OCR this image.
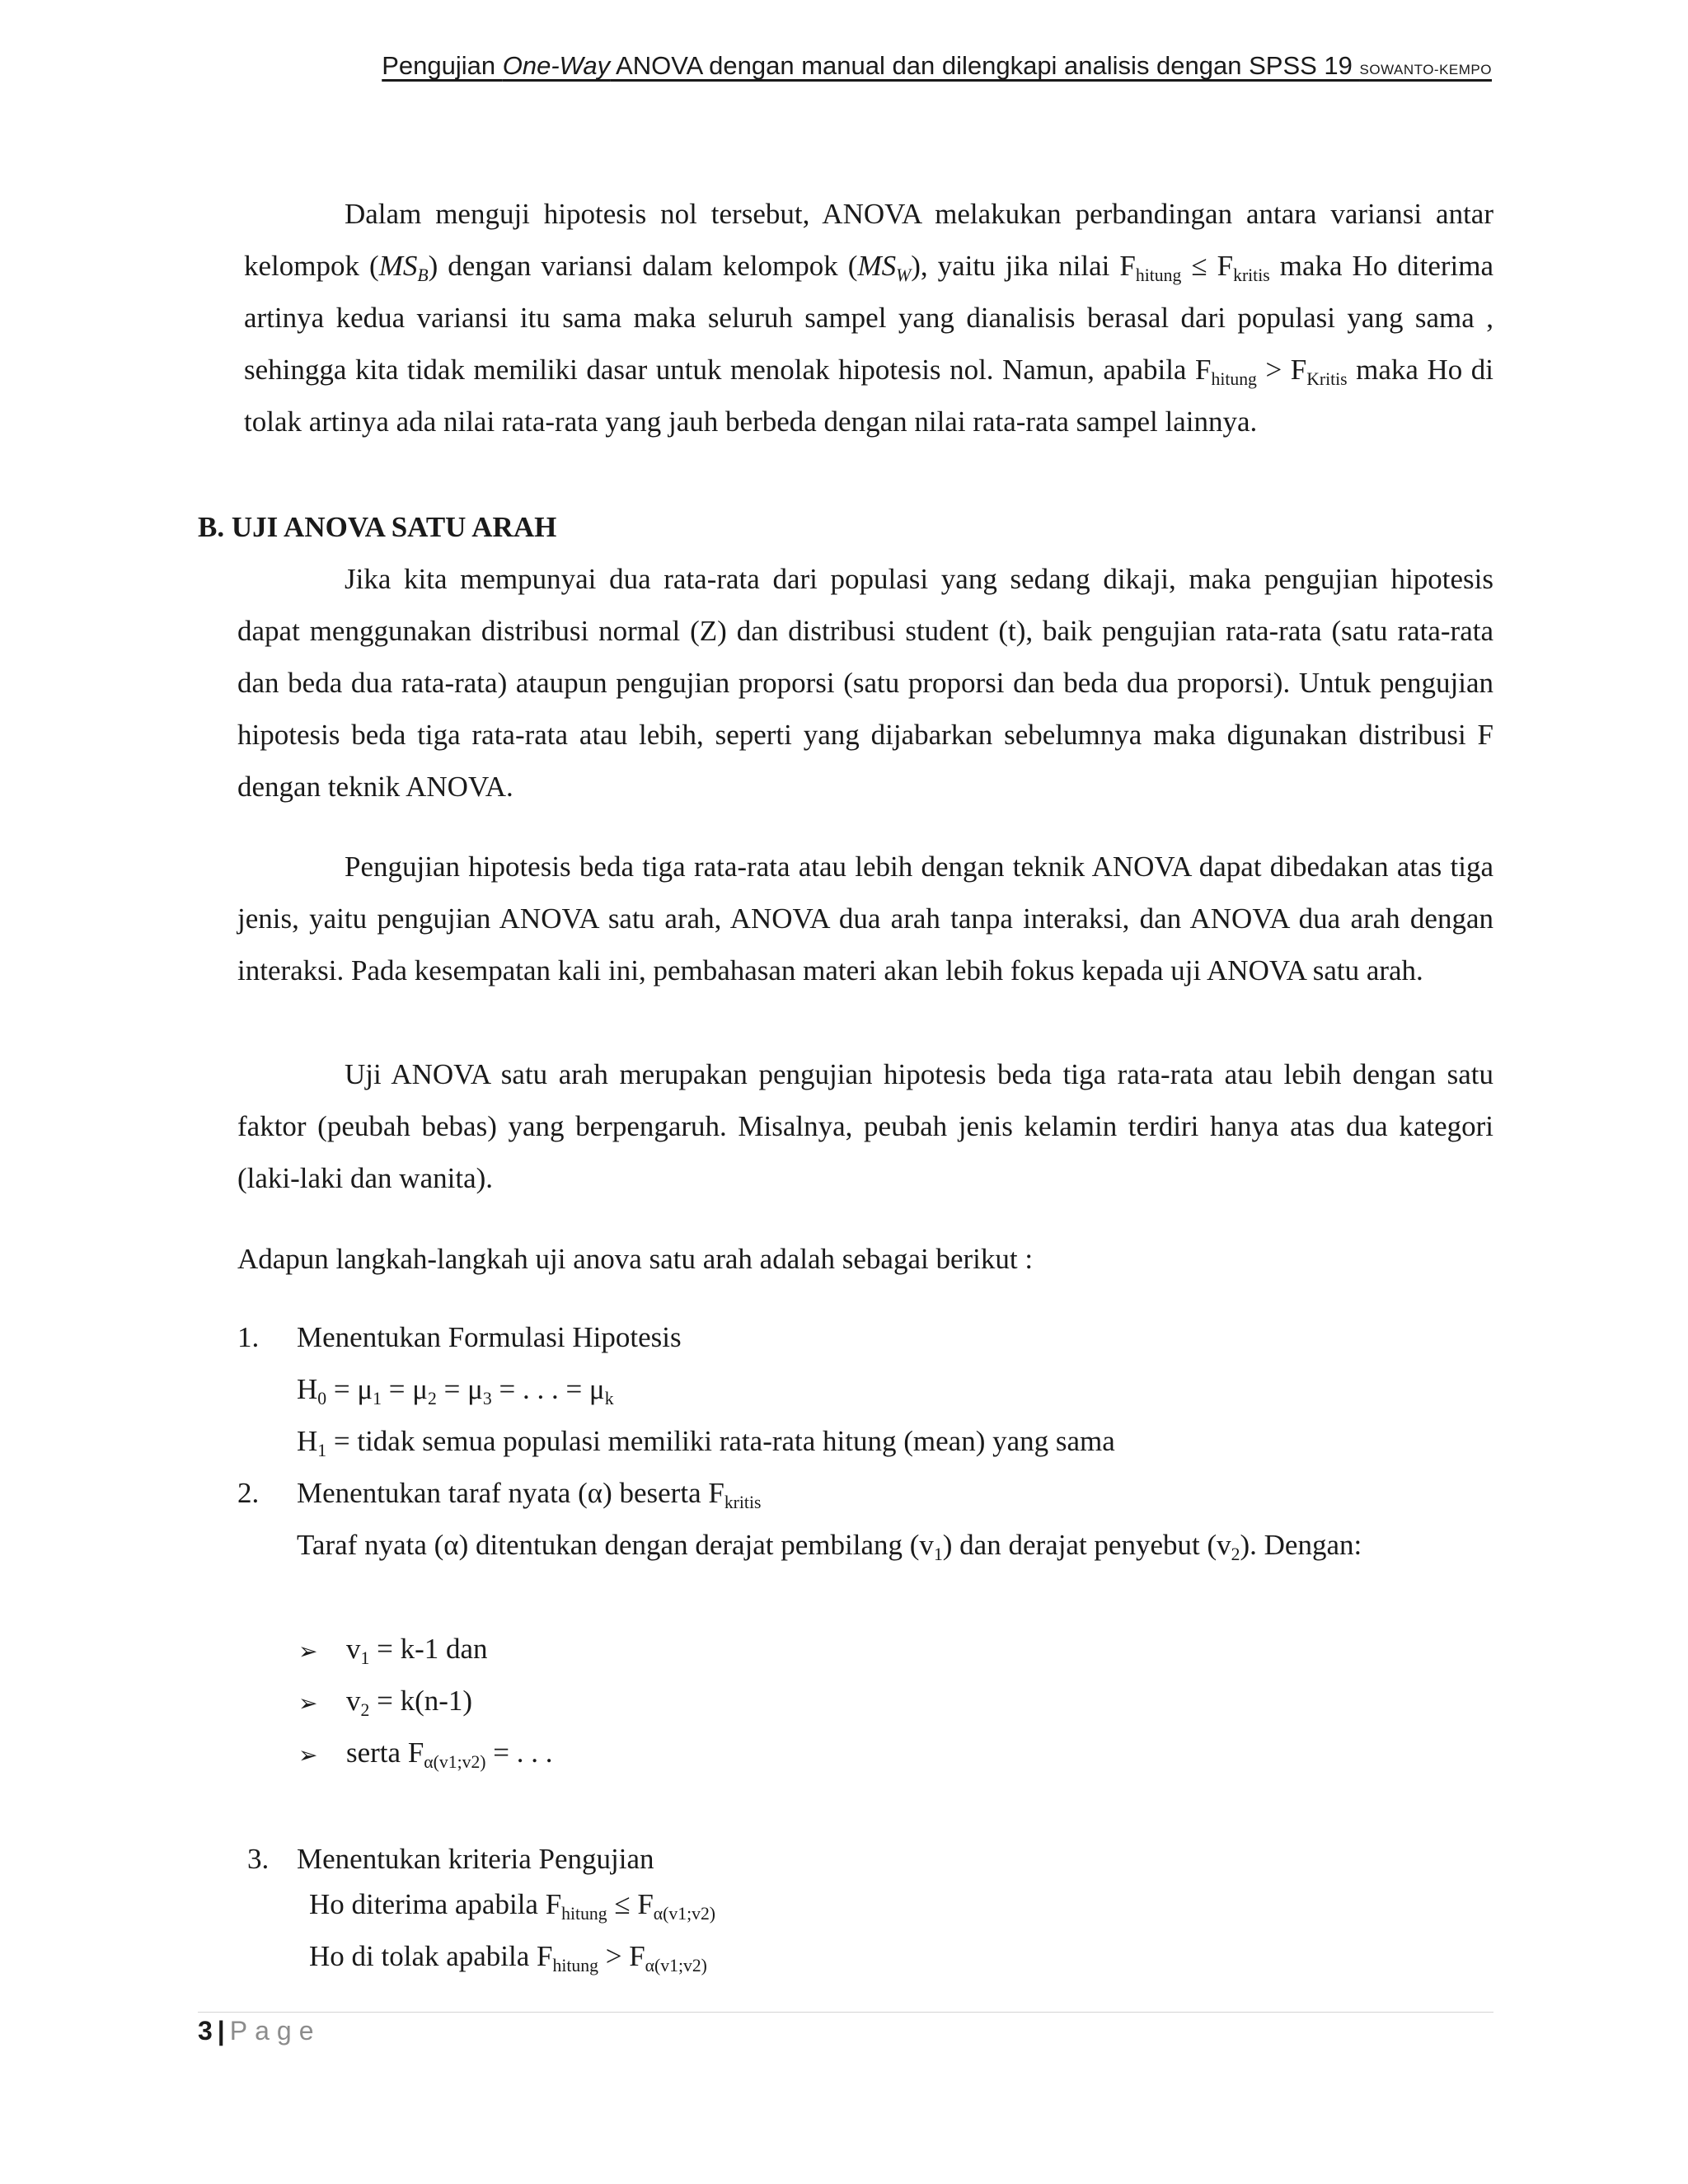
Pengujian One-Way ANOVA dengan manual dan dilengkapi analisis dengan SPSS 19 SOWANTO-KEMPO

Dalam menguji hipotesis nol tersebut, ANOVA melakukan perbandingan antara variansi antar kelompok $(MS_B)$ dengan variansi dalam kelompok $(MS_W)$, yaitu jika nilai $F_{hitung} \le F_{kritis}$ maka Ho diterima artinya kedua variansi itu sama maka seluruh sampel yang dianalisis berasal dari populasi yang sama , sehingga kita tidak memiliki dasar untuk menolak hipotesis nol. Namun, apabila $F_{hitung} > F_{Kritis}$ maka Ho di tolak artinya ada nilai rata-rata yang jauh berbeda dengan nilai rata-rata sampel lainnya.

B. UJI ANOVA SATU ARAH

Jika kita mempunyai dua rata-rata dari populasi yang sedang dikaji, maka pengujian hipotesis dapat menggunakan distribusi normal (Z) dan distribusi student (t), baik pengujian rata-rata (satu rata-rata dan beda dua rata-rata) ataupun pengujian proporsi (satu proporsi dan beda dua proporsi). Untuk pengujian hipotesis beda tiga rata-rata atau lebih, seperti yang dijabarkan sebelumnya maka digunakan distribusi F dengan teknik ANOVA.

Pengujian hipotesis beda tiga rata-rata atau lebih dengan teknik ANOVA dapat dibedakan atas tiga jenis, yaitu pengujian ANOVA satu arah, ANOVA dua arah tanpa interaksi, dan ANOVA dua arah dengan interaksi. Pada kesempatan kali ini, pembahasan materi akan lebih fokus kepada uji ANOVA satu arah.

Uji ANOVA satu arah merupakan pengujian hipotesis beda tiga rata-rata atau lebih dengan satu faktor (peubah bebas) yang berpengaruh. Misalnya, peubah jenis kelamin terdiri hanya atas dua kategori (laki-laki dan wanita).

Adapun langkah-langkah uji anova satu arah adalah sebagai berikut :

1. Menentukan Formulasi Hipotesis
$H_0 = \mu_1 = \mu_2 = \mu_3$ = . . . = $\mu_k$
$H_1$ = tidak semua populasi memiliki rata-rata hitung (mean) yang sama
2. Menentukan taraf nyata (α) beserta $F_{kritis}$

Taraf nyata (α) ditentukan dengan derajat pembilang $(v_1)$ dan derajat penyebut $(v_2)$. Dengan:

➢ $v_1 = k-1$ dan
➢ $v_2 = k(n-1)$
➢ serta $F_{\alpha(v1;v2)}$ = . . .
3. Menentukan kriteria Pengujian
Ho diterima apabila $F_{hitung} \le F_{\alpha(v1;v2)}$
Ho di tolak apabila $F_{hitung} > F_{\alpha(v1;v2)}$
3 | Page
